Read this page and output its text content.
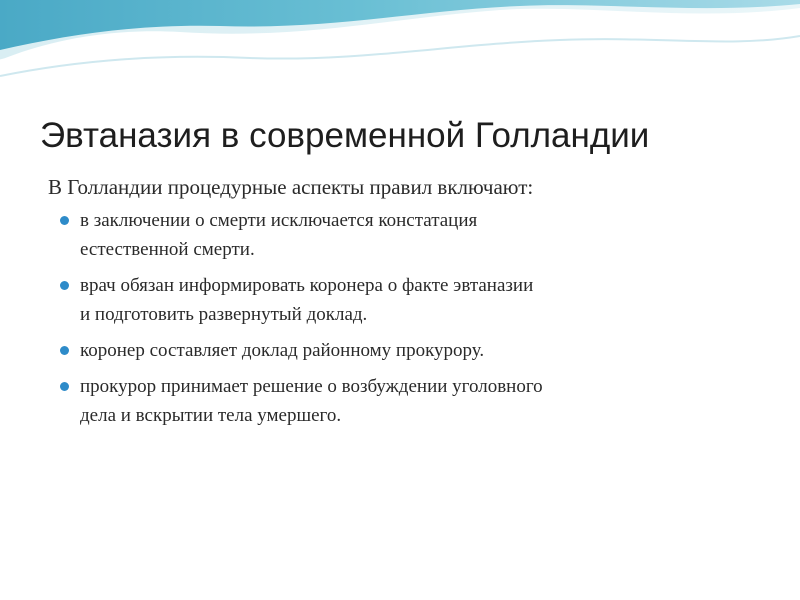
Эвтаназия в современной Голландии

В Голландии процедурные аспекты правил включают:

в заключении о смерти исключается констатация
естественной смерти.
врач обязан информировать коронера о факте эвтаназии
и подготовить развернутый доклад.
коронер составляет доклад районному прокурору.
прокурор принимает решение о возбуждении уголовного
дела и вскрытии тела умершего.
